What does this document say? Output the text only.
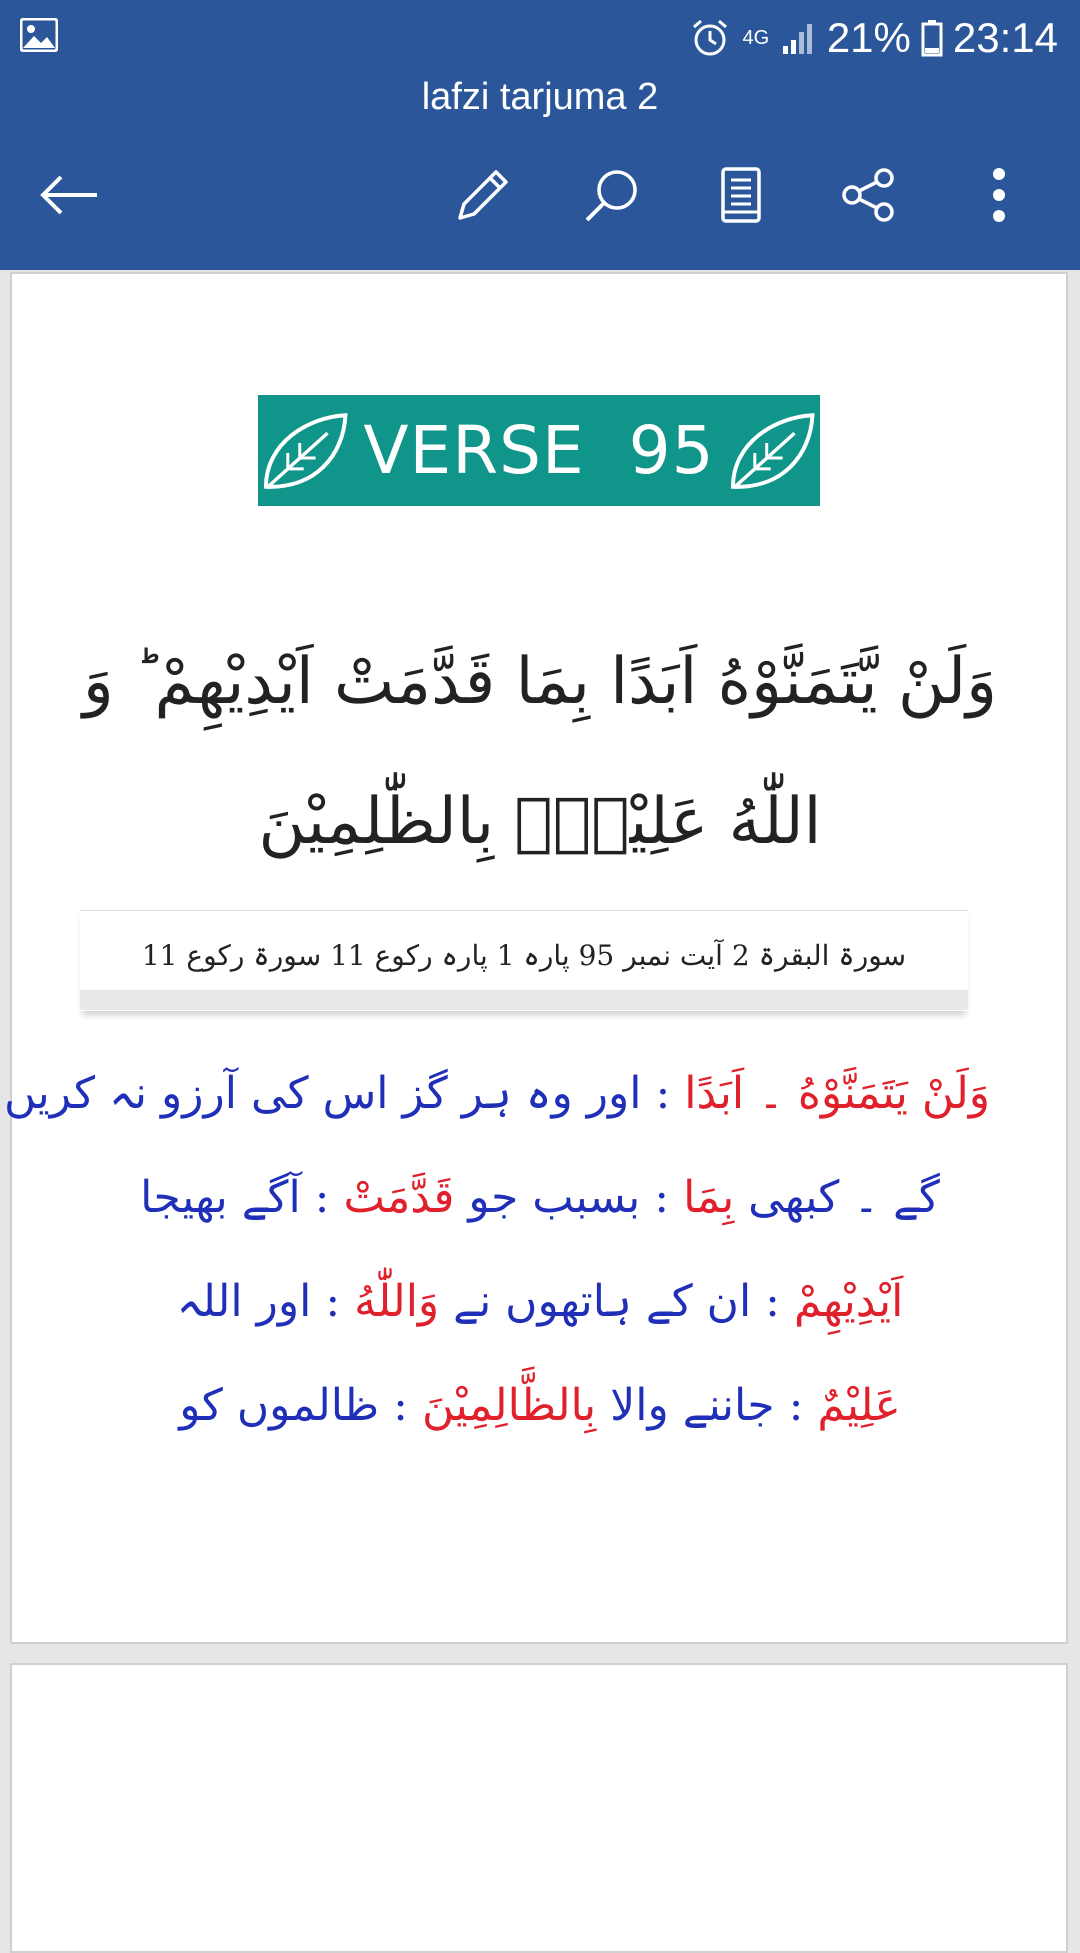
4G 21% 23:14
lafzi tarjuma 2
VERSE  95
وَلَنْ يَّتَمَنَّوْهُ اَبَدًا بِمَا قَدَّمَتْ اَيْدِيْهِمْ ؕ وَ
اللّٰهُ عَلِيْمٌۢ بِالظّٰلِمِيْنَ
سورۃ البقرۃ 2 آیت نمبر 95 پارہ 1 پارہ رکوع 11 سورۃ رکوع 11
وَلَنْ يَتَمَنَّوْهُ ۔ اَبَدًا : اور وہ ہر گز اس کی آرزو نہ کریں
گے ۔ کبھی بِمَا : بسبب جو قَدَّمَتْ : آگے بھیجا
اَيْدِيْهِمْ : ان کے ہاتھوں نے وَاللّٰهُ : اور اللہ
عَلِيْمٌ : جاننے والا بِالظَّالِمِيْنَ : ظالموں کو
